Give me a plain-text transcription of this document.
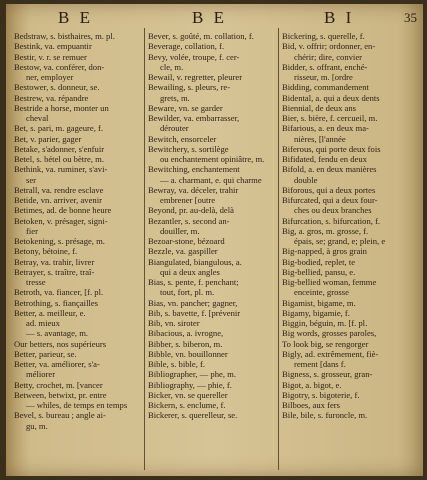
B E	B E	B I	35
Bedstraw, s. bisthaires, m. pl.
Bestink, va. empuantir
Bestir, v. r. se remuer
Bestow, va. conférer, don-
ner, employer
Bestower, s. donneur, se.
Bestrew, va. répandre
Bestride a horse, monter un
cheval
Bet, s. pari, m. gageure, f.
Bet, v. parier, gager
Betake, s'adonner, s'enfuir
Betel, s. bétel ou bètre, m.
Bethink, va. ruminer, s'avi-
ser
Betrall, va. rendre esclave
Betide, vn. arriver, avenir
Betimes, ad. de bonne heure
Betoken, v. présager, signi-
fier
Betokening, s. présage, m.
Betony, bétoine, f.
Betray, va. trahir, livrer
Betrayer, s. traître, traî-
tresse
Betroth, va. fiancer, [f. pl.
Betrothing, s. fiançailles
Better, a. meilleur, e.
ad. mieux
— s. avantage, m.
Our betters, nos supérieurs
Better, parieur, se.
Better, va. améliorer, s'a-
méliorer
Betty, crochet, m. [vancer
Between, betwixt, pr. entre
— whiles, de temps en temps
Bevel, s. bureau ; angle ai-
gu, m.
Bever, s. goûté, m. collation, f.
Beverage, collation, f.
Bevy, volée, troupe, f. cer-
cle, m.
Bewail, v. regretter, pleurer
Bewailing, s. pleurs, re-
grets, m.
Beware, vn. se garder
Bewilder, va. embarrasser,
dérouter
Bewitch, ensorceler
Bewitchery, s. sortilège
ou enchantement opiniâtre, m.
Bewitching, enchantement
— a. charmant, e. qui charme
Bewray, va. déceler, trahir
embrener [outre
Beyond, pr. au-delà, delà
Bezantler, s. second an-
douiller, m.
Bezoar-stone, bézoard
Bezzle, va. gaspiller
Biangulated, biangulous, a.
qui a deux angles
Bias, s. pente, f. penchant;
tout, fort, pl. m.
Bias, vn. pancher; gagner,
Bib, s. bavette, f. [prévenir
Bib, vn. siroter
Bibacious, a. ivrogne,
Bibber, s. biberon, m.
Bibble, vn. bouillonner
Bible, s. bible, f.
Bibliographer, — phe, m.
Bibliography, — phie, f.
Bicker, vn. se quereller
Bickern, s. enclume, f.
Bickerer, s. querelleur, se.
Bickering, s. querelle, f.
Bid, v. offrir; ordonner, en-
chérir; dire, convier
Bidder, s. offrant, enché-
risseur, m. [ordre
Bidding, commandement
Bidental, a. qui a deux dents
Biennial, de deux ans
Bier, s. bière, f. cercueil, m.
Bifarious, a. en deux ma-
nières, [l'année
Biferous, qui porte deux fois
Bifidated, fendu en deux
Bifold, a. en deux manières
double
Biforous, qui a deux portes
Bifurcated, qui a deux four-
ches ou deux branches
Bifurcation, s. bifurcation, f.
Big, a. gros, m. grosse, f.
épais, se; grand, e; plein, e
Big-napped, à gros grain
Big-bodied, replet, te
Big-bellied, pansu, e.
Big-bellied woman, femme
enceinte, grosse
Bigamist, bigame, m.
Bigamy, bigamie, f.
Biggin, béguin, m. [f. pl.
Big words, grosses paroles,
To look big, se rengorger
Bigly, ad. extrêmement, fiè-
rement [dans f.
Bigness, s. grosseur, gran-
Bigot, a. bigot, e.
Bigotry, s. bigoterie, f.
Bilboes, aux fers
Bile, bile, s. furoncle, m.
